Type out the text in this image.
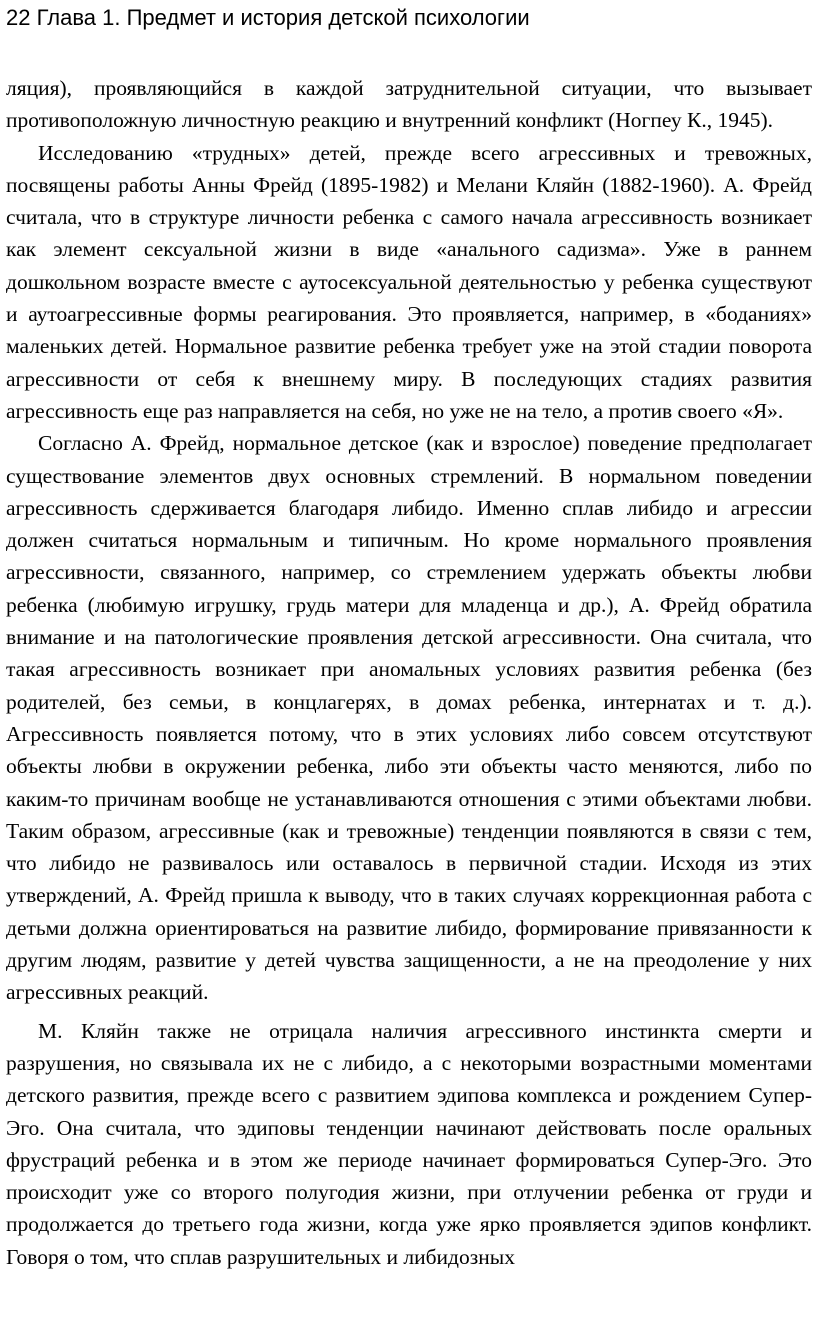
22 Глава 1. Предмет и история детской психологии

ляция), проявляющийся в каждой затруднительной ситуации, что вызывает противоположную личностную реакцию и внутренний конфликт (Ногпеу К., 1945).

Исследованию «трудных» детей, прежде всего агрессивных и тревожных, посвящены работы Анны Фрейд (1895-1982) и Мелани Кляйн (1882-1960). А. Фрейд считала, что в структуре личности ребенка с самого начала агрессивность возникает как элемент сексуальной жизни в виде «анального садизма». Уже в раннем дошкольном возрасте вместе с аутосексуальной деятельностью у ребенка существуют и аутоагрессивные формы реагирования. Это проявляется, например, в «боданиях» маленьких детей. Нормальное развитие ребенка требует уже на этой стадии поворота агрессивности от себя к внешнему миру. В последующих стадиях развития агрессивность еще раз направляется на себя, но уже не на тело, а против своего «Я».

Согласно А. Фрейд, нормальное детское (как и взрослое) поведение предполагает существование элементов двух основных стремлений. В нормальном поведении агрессивность сдерживается благодаря либидо. Именно сплав либидо и агрессии должен считаться нормальным и типичным. Но кроме нормального проявления агрессивности, связанного, например, со стремлением удержать объекты любви ребенка (любимую игрушку, грудь матери для младенца и др.), А. Фрейд обратила внимание и на патологические проявления детской агрессивности. Она считала, что такая агрессивность возникает при аномальных условиях развития ребенка (без родителей, без семьи, в концлагерях, в домах ребенка, интернатах и т. д.). Агрессивность появляется потому, что в этих условиях либо совсем отсутствуют объекты любви в окружении ребенка, либо эти объекты часто меняются, либо по каким-то причинам вообще не устанавливаются отношения с этими объектами любви. Таким образом, агрессивные (как и тревожные) тенденции появляются в связи с тем, что либидо не развивалось или оставалось в первичной стадии. Исходя из этих утверждений, А. Фрейд пришла к выводу, что в таких случаях коррекционная работа с детьми должна ориентироваться на развитие либидо, формирование привязанности к другим людям, развитие у детей чувства защищенности, а не на преодоление у них агрессивных реакций.

М. Кляйн также не отрицала наличия агрессивного инстинкта смерти и разрушения, но связывала их не с либидо, а с некоторыми возрастными моментами детского развития, прежде всего с развитием эдипова комплекса и рождением Супер-Эго. Она считала, что эдиповы тенденции начинают действовать после оральных фрустраций ребенка и в этом же периоде начинает формироваться Супер-Эго. Это происходит уже со второго полугодия жизни, при отлучении ребенка от груди и продолжается до третьего года жизни, когда уже ярко проявляется эдипов конфликт. Говоря о том, что сплав разрушительных и либидозных
